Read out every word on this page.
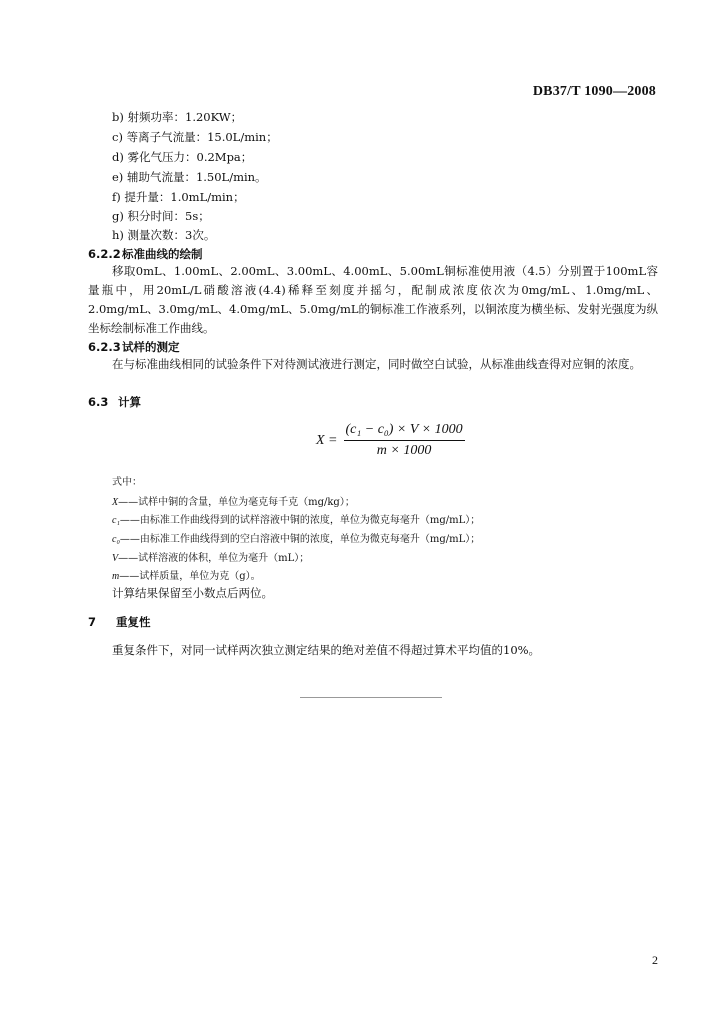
DB37/T 1090—2008
b) 射频功率：1.20KW；
c) 等离子气流量：15.0L/min；
d) 雾化气压力：0.2Mpa；
e) 辅助气流量：1.50L/min。
f) 提升量：1.0mL/min；
g) 积分时间：5s；
h) 测量次数：3次。
6.2.2标准曲线的绘制
移取0mL、1.00mL、2.00mL、3.00mL、4.00mL、5.00mL铜标准使用液（4.5）分别置于100mL容量瓶中，用20mL/L硝酸溶液(4.4)稀释至刻度并摇匀，配制成浓度依次为0mg/mL、1.0mg/mL、2.0mg/mL、3.0mg/mL、4.0mg/mL、5.0mg/mL的铜标准工作液系列，以铜浓度为横坐标、发射光强度为纵坐标绘制标准工作曲线。
6.2.3试样的测定
在与标准曲线相同的试验条件下对待测试液进行测定，同时做空白试验，从标准曲线查得对应铜的浓度。
6.3 计算
$X = \frac{\text{(c₁ − c₀) × V × 1000}}{m \times 1000}$
式中：
X——试样中铜的含量，单位为毫克每千克（mg/kg）；
c₁——由标准工作曲线得到的试样溶液中铜的浓度，单位为微克每毫升（mg/mL）；
c₀——由标准工作曲线得到的空白溶液中铜的浓度，单位为微克每毫升（mg/mL）；
V——试样溶液的体积，单位为毫升（mL）；
m——试样质量，单位为克（g）。
计算结果保留至小数点后两位。
7 重复性
重复条件下，对同一试样两次独立测定结果的绝对差值不得超过算术平均值的10%。
2
